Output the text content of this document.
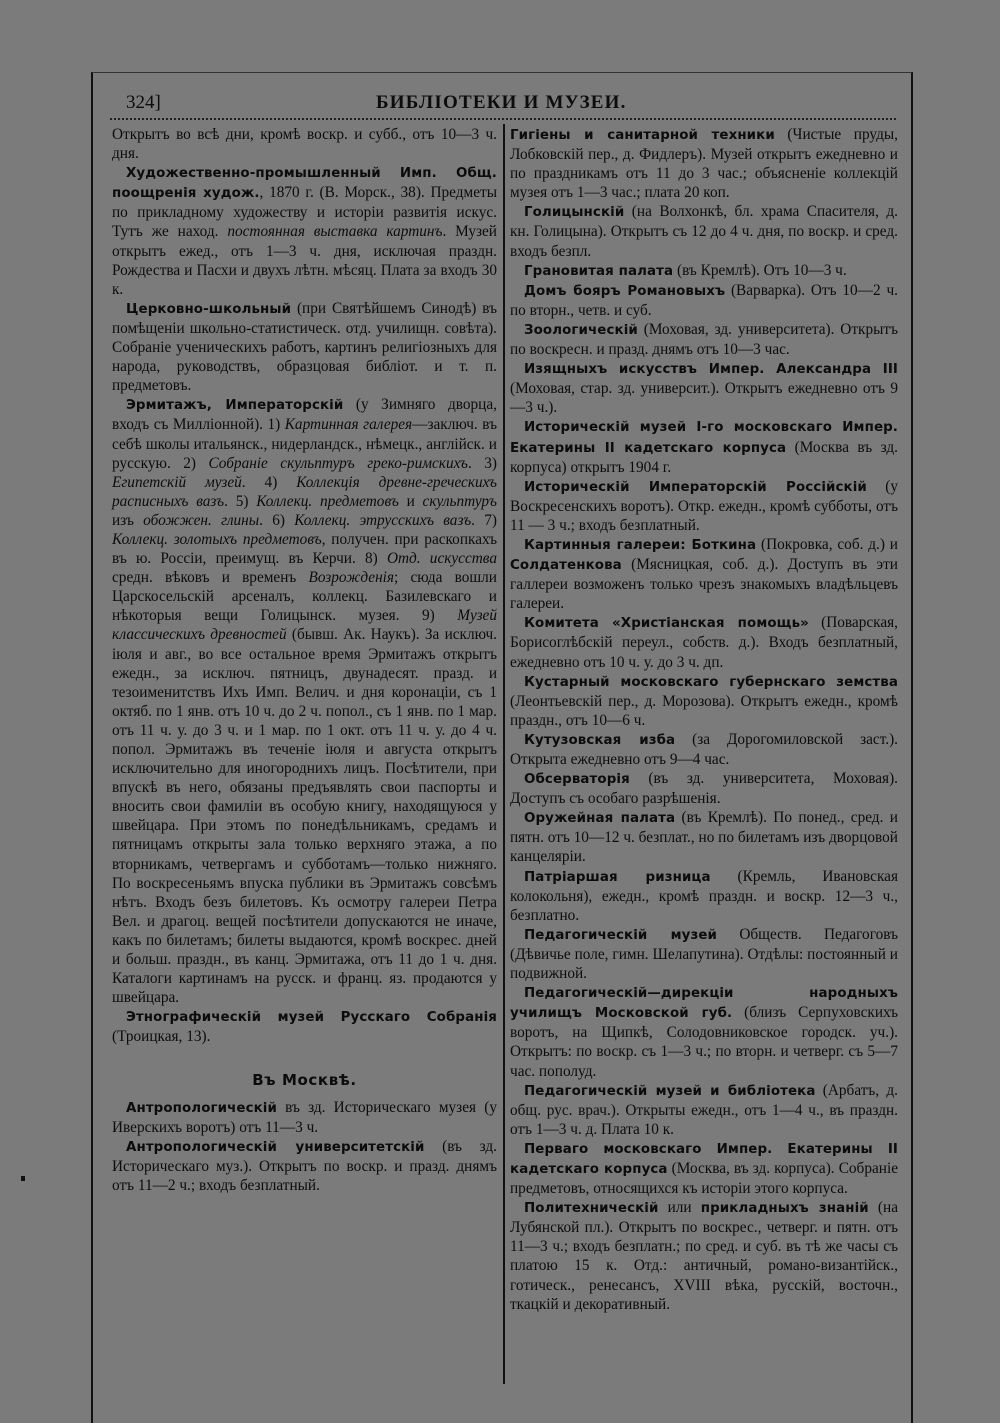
324]	БИБЛІОТЕКИ И МУЗЕИ.

Открытъ во всѣ дни, кромѣ воскр. и субб., отъ 10—3 ч. дня.

Художественно-промышленный Имп. Общ. поощренія худож., 1870 г. (В. Морск., 38). Предметы по прикладному художеству и исторіи развитія искус. Тутъ же наход. постоянная выставка картинъ. Музей открытъ ежед., отъ 1—3 ч. дня, исключая праздн. Рождества и Пасхи и двухъ лѣтн. мѣсяц. Плата за входъ 30 к.

Церковно-школьный (при Святѣйшемъ Синодѣ) въ помѣщеніи школьно-статистическ. отд. училищн. совѣта). Собраніе ученическихъ работъ, картинъ религіозныхъ для народа, руководствъ, образцовая библіот. и т. п. предметовъ.

Эрмитажъ, Императорскій (у Зимняго дворца, входъ съ Миллiонной). 1) Картинная галерея—заключ. въ себѣ школы итальянск., нидерландск., нѣмецк., англійск. и русскую. 2) Собраніе скульптуръ греко-римскихъ. 3) Египетскій музей. 4) Коллекція древне-греческихъ расписныхъ вазъ. 5) Коллекц. предметовъ и скульптуръ изъ обожжен. глины. 6) Коллекц. этрусскихъ вазъ. 7) Коллекц. золотыхъ предметовъ, получен. при раскопкахъ въ ю. Россіи, преимущ. въ Керчи. 8) Отд. искусства средн. вѣковъ и временъ Возрожденія; сюда вошли Царскосельскій арсеналъ, коллекц. Базилевскаго и нѣкоторыя вещи Голицынск. музея. 9) Музей классическихъ древностей (бывш. Ак. Наукъ). За исключ. іюля и авг., во все остальное время Эрмитажъ открытъ ежедн., за исключ. пятницъ, двунадесят. празд. и тезоименитствъ Ихъ Имп. Велич. и дня коронаціи, съ 1 октяб. по 1 янв. отъ 10 ч. до 2 ч. попол., съ 1 янв. по 1 мар. отъ 11 ч. у. до 3 ч. и 1 мар. по 1 окт. отъ 11 ч. у. до 4 ч. попол. Эрмитажъ въ теченіе іюля и августа открытъ исключительно для иногороднихъ лицъ. Посѣтители, при впускѣ въ него, обязаны предъявлять свои паспорты и вносить свои фамиліи въ особую книгу, находящуюся у швейцара. При этомъ по понедѣльникамъ, средамъ и пятницамъ открыты зала только верхняго этажа, а по вторникамъ, четвергамъ и субботамъ—только нижняго. По воскресеньямъ впуска публики въ Эрмитажъ совсѣмъ нѣтъ. Входъ безъ билетовъ. Къ осмотру галереи Петра Вел. и драгоц. вещей посѣтители допускаются не иначе, какъ по билетамъ; билеты выдаются, кромѣ воскрес. дней и больш. праздн., въ канц. Эрмитажа, отъ 11 до 1 ч. дня. Каталоги картинамъ на русск. и франц. яз. продаются у швейцара.

Этнографическій музей Русскаго Собранія (Троицкая, 13).

Въ Москвѣ.

Антропологическій въ зд. Историческаго музея (у Иверскихъ воротъ) отъ 11—3 ч.

Антропологическій университетскій (въ зд. Историческаго муз.). Открытъ по воскр. и празд. днямъ отъ 11—2 ч.; входъ безплатный.

Гигіены и санитарной техники (Чистые пруды, Лобковскій пер., д. Фидлеръ). Музей открытъ ежедневно и по праздникамъ отъ 11 до 3 час.; объясненіе коллекцій музея отъ 1—3 час.; плата 20 коп.

Голицынскій (на Волхонкѣ, бл. храма Спасителя, д. кн. Голицына). Открытъ съ 12 до 4 ч. дня, по воскр. и сред. входъ безпл.

Грановитая палата (въ Кремлѣ). Отъ 10—3 ч.

Домъ бояръ Романовыхъ (Варварка). Отъ 10—2 ч. по вторн., четв. и суб.

Зоологическій (Моховая, зд. университета). Открытъ по воскресн. и празд. днямъ отъ 10—3 час.

Изящныхъ искусствъ Импер. Александра III (Моховая, стар. зд. университ.). Открытъ ежедневно отъ 9—3 ч.).

Историческій музей I-го московскаго Импер. Екатерины II кадетскаго корпуса (Москва въ зд. корпуса) открытъ 1904 г.

Историческій Императорскій Россійскій (у Воскресенскихъ воротъ). Откр. ежедн., кромѣ субботы, отъ 11 — 3 ч.; входъ безплатный.

Картинныя галереи: Боткина (Покровка, соб. д.) и Солдатенкова (Мясницкая, соб. д.). Доступъ въ эти галлереи возможенъ только чрезъ знакомыхъ владѣльцевъ галереи.

Комитета «Христіанская помощь» (Поварская, Борисоглѣбскій переул., собств. д.). Входъ безплатный, ежедневно отъ 10 ч. у. до 3 ч. дп.

Кустарный московскаго губернскаго земства (Леонтьевскій пер., д. Морозова). Открытъ ежедн., кромѣ праздн., отъ 10—6 ч.

Кутузовская изба (за Дорогомиловской заст.). Открыта ежедневно отъ 9—4 час.

Обсерваторія (въ зд. университета, Моховая). Доступъ съ особаго разрѣшенія.

Оружейная палата (въ Кремлѣ). По понед., сред. и пятн. отъ 10—12 ч. безплат., но по билетамъ изъ дворцовой канцеляріи.

Патріаршая ризница (Кремль, Ивановская колокольня), ежедн., кромѣ праздн. и воскр. 12—3 ч., безплатно.

Педагогическій музей Обществ. Педагоговъ (Дѣвичье поле, гимн. Шелапутина). Отдѣлы: постоянный и подвижной.

Педагогическій—дирекціи народныхъ училищъ Московской губ. (близъ Серпуховскихъ воротъ, на Щипкѣ, Солодовниковское городск. уч.). Открытъ: по воскр. съ 1—3 ч.; по вторн. и четверг. съ 5—7 час. пополуд.

Педагогическій музей и библіотека (Арбатъ, д. общ. рус. врач.). Открыты ежедн., отъ 1—4 ч., въ праздн. отъ 1—3 ч. д. Плата 10 к.

Перваго московскаго Импер. Екатерины II кадетскаго корпуса (Москва, въ зд. корпуса). Собраніе предметовъ, относящихся къ исторіи этого корпуса.

Политехническій или прикладныхъ знаній (на Лубянской пл.). Открытъ по воскрес., четверг. и пятн. отъ 11—3 ч.; входъ безплатн.; по сред. и суб. въ тѣ же часы съ платою 15 к. Отд.: античный, романо-византійск., готическ., ренесансъ, XVIII вѣка, русскій, восточн., ткацкій и декоративный.
